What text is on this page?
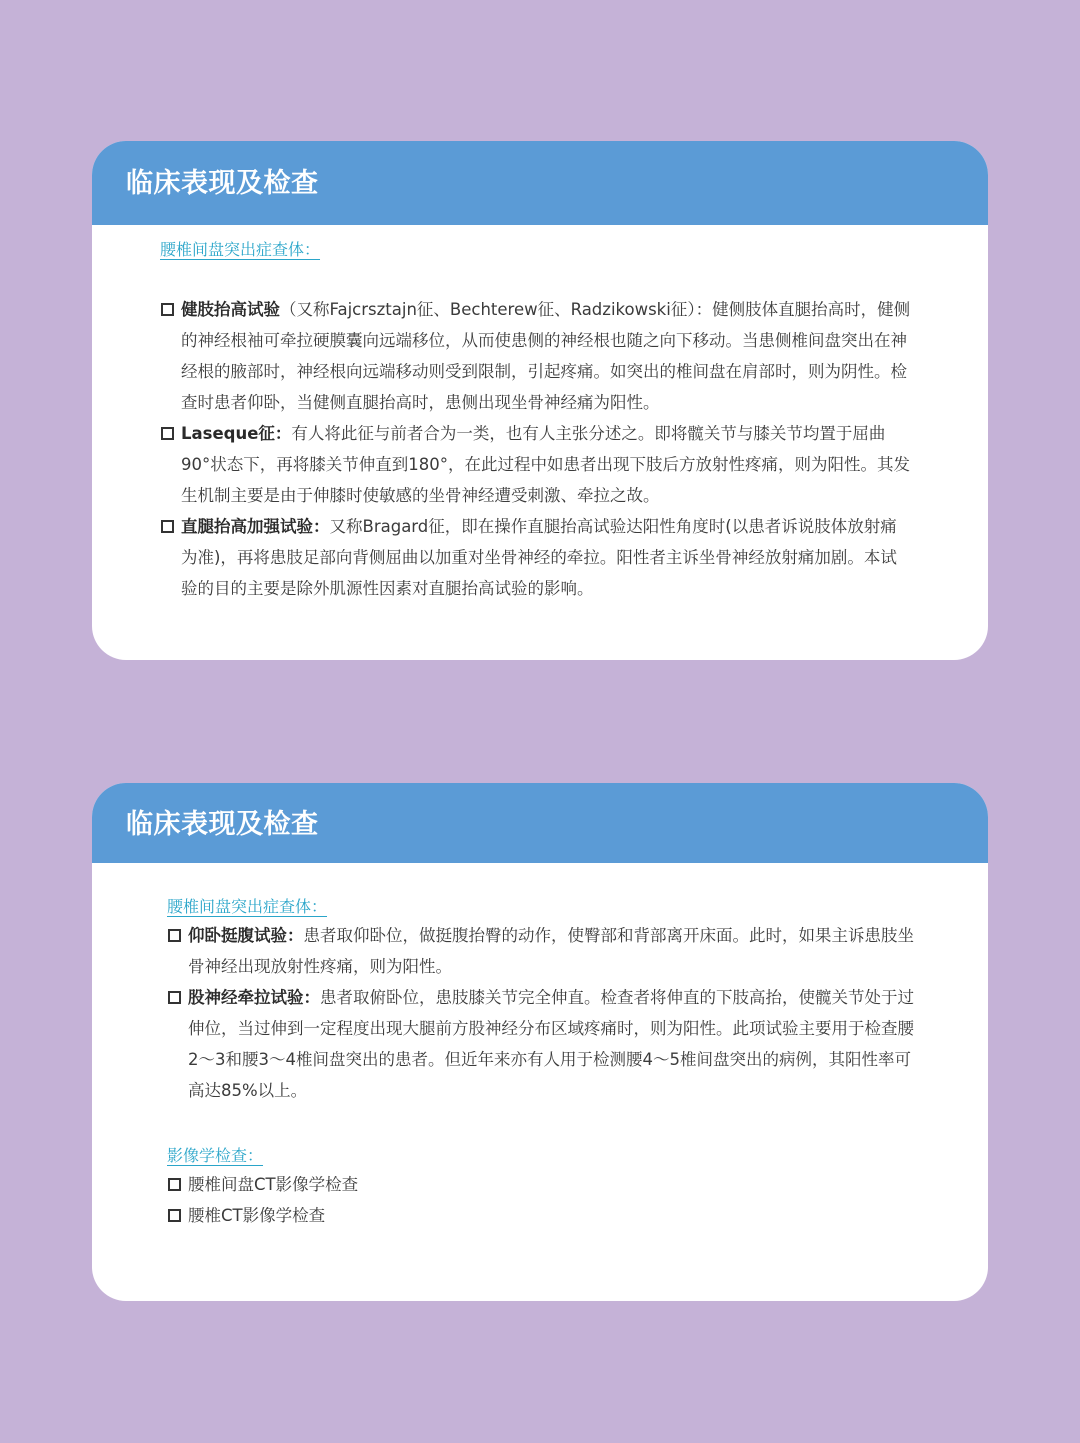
临床表现及检查
腰椎间盘突出症查体：
健肢抬高试验（又称Fajcrsztajn征、Bechterew征、Radzikowski征）：健侧肢体直腿抬高时，健侧的神经根袖可牵拉硬膜囊向远端移位，从而使患侧的神经根也随之向下移动。当患侧椎间盘突出在神经根的腋部时，神经根向远端移动则受到限制，引起疼痛。如突出的椎间盘在肩部时，则为阴性。检查时患者仰卧，当健侧直腿抬高时，患侧出现坐骨神经痛为阳性。
Laseque征：有人将此征与前者合为一类，也有人主张分述之。即将髋关节与膝关节均置于屈曲90°状态下，再将膝关节伸直到180°，在此过程中如患者出现下肢后方放射性疼痛，则为阳性。其发生机制主要是由于伸膝时使敏感的坐骨神经遭受刺激、牵拉之故。
直腿抬高加强试验：又称Bragard征，即在操作直腿抬高试验达阳性角度时(以患者诉说肢体放射痛为准)，再将患肢足部向背侧屈曲以加重对坐骨神经的牵拉。阳性者主诉坐骨神经放射痛加剧。本试验的目的主要是除外肌源性因素对直腿抬高试验的影响。
临床表现及检查
腰椎间盘突出症查体：
仰卧挺腹试验：患者取仰卧位，做挺腹抬臀的动作，使臀部和背部离开床面。此时，如果主诉患肢坐骨神经出现放射性疼痛，则为阳性。
股神经牵拉试验：患者取俯卧位，患肢膝关节完全伸直。检查者将伸直的下肢高抬，使髋关节处于过伸位，当过伸到一定程度出现大腿前方股神经分布区域疼痛时，则为阳性。此项试验主要用于检查腰2～3和腰3～4椎间盘突出的患者。但近年来亦有人用于检测腰4～5椎间盘突出的病例，其阳性率可高达85%以上。
影像学检查：
腰椎间盘CT影像学检查
腰椎CT影像学检查
